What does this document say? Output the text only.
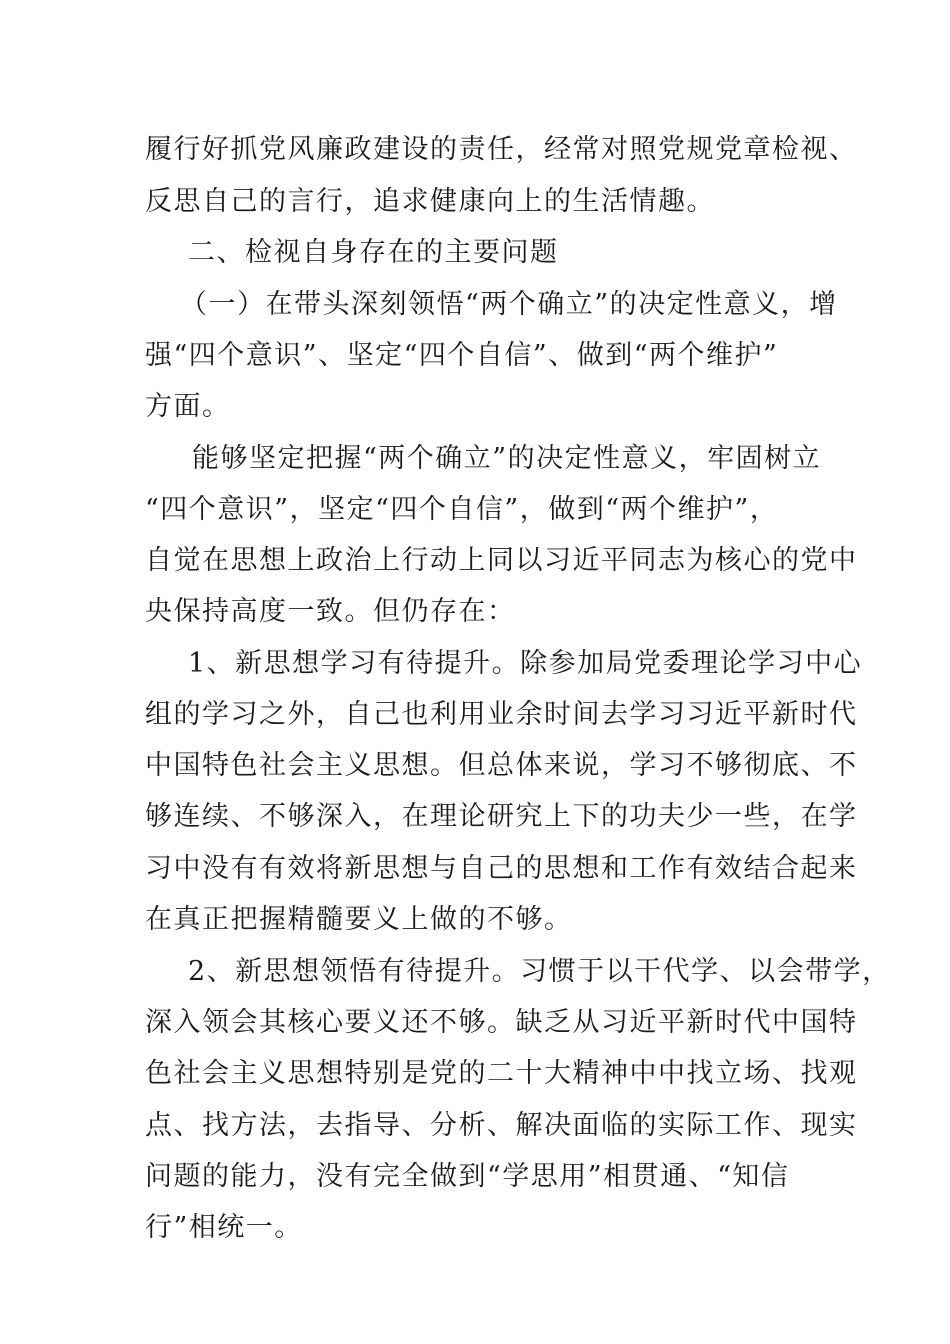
履行好抓党风廉政建设的责任，经常对照党规党章检视、
反思自己的言行，追求健康向上的生活情趣。
二、检视自身存在的主要问题
（一）在带头深刻领悟“两个确立”的决定性意义，增
强“四个意识”、坚定“四个自信”、做到“两个维护”
方面。
能够坚定把握“两个确立”的决定性意义，牢固树立
“四个意识”，坚定“四个自信”，做到“两个维护”，
自觉在思想上政治上行动上同以习近平同志为核心的党中
央保持高度一致。但仍存在：
1、新思想学习有待提升。除参加局党委理论学习中心
组的学习之外，自己也利用业余时间去学习习近平新时代
中国特色社会主义思想。但总体来说，学习不够彻底、不
够连续、不够深入，在理论研究上下的功夫少一些，在学
习中没有有效将新思想与自己的思想和工作有效结合起来
在真正把握精髓要义上做的不够。
2、新思想领悟有待提升。习惯于以干代学、以会带学，
深入领会其核心要义还不够。缺乏从习近平新时代中国特
色社会主义思想特别是党的二十大精神中中找立场、找观
点、找方法，去指导、分析、解决面临的实际工作、现实
问题的能力，没有完全做到“学思用”相贯通、“知信
行”相统一。
